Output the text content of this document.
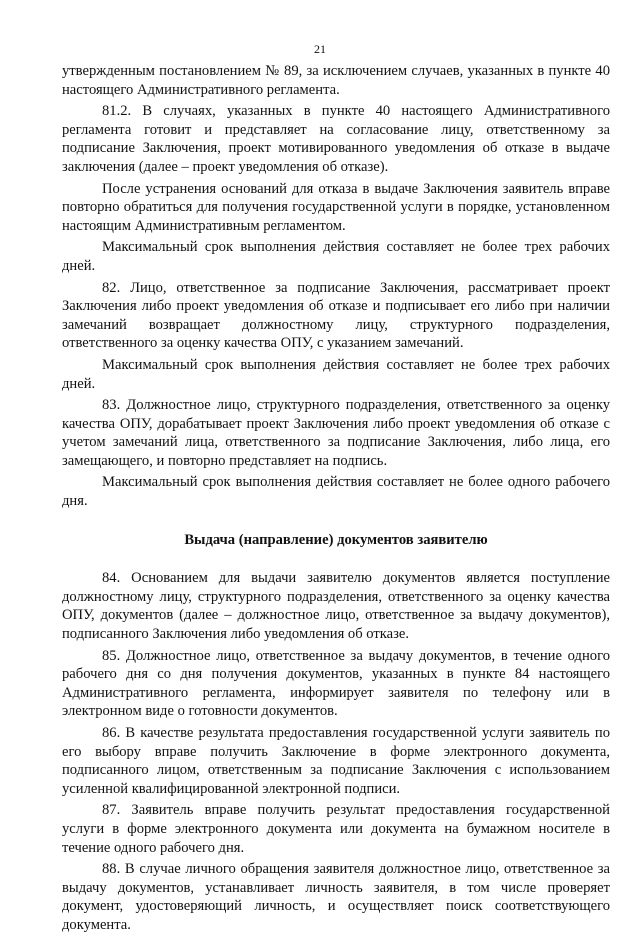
21

утвержденным постановлением № 89, за исключением случаев, указанных в пункте 40 настоящего Административного регламента.

81.2. В случаях, указанных в пункте 40 настоящего Административного регламента готовит и представляет на согласование лицу, ответственному за подписание Заключения, проект мотивированного уведомления об отказе в выдаче заключения (далее – проект уведомления об отказе).

После устранения оснований для отказа в выдаче Заключения заявитель вправе повторно обратиться для получения государственной услуги в порядке, установленном настоящим Административным регламентом.

Максимальный срок выполнения действия составляет не более трех рабочих дней.

82. Лицо, ответственное за подписание Заключения, рассматривает проект Заключения либо проект уведомления об отказе и подписывает его либо при наличии замечаний возвращает должностному лицу, структурного подразделения, ответственного за оценку качества ОПУ, с указанием замечаний.

Максимальный срок выполнения действия составляет не более трех рабочих дней.

83. Должностное лицо, структурного подразделения, ответственного за оценку качества ОПУ, дорабатывает проект Заключения либо проект уведомления об отказе с учетом замечаний лица, ответственного за подписание Заключения, либо лица, его замещающего, и повторно представляет на подпись.

Максимальный срок выполнения действия составляет не более одного рабочего дня.

Выдача (направление) документов заявителю

84. Основанием для выдачи заявителю документов является поступление должностному лицу, структурного подразделения, ответственного за оценку качества ОПУ, документов (далее – должностное лицо, ответственное за выдачу документов), подписанного Заключения либо уведомления об отказе.

85. Должностное лицо, ответственное за выдачу документов, в течение одного рабочего дня со дня получения документов, указанных в пункте 84 настоящего Административного регламента, информирует заявителя по телефону или в электронном виде о готовности документов.

86. В качестве результата предоставления государственной услуги заявитель по его выбору вправе получить Заключение в форме электронного документа, подписанного лицом, ответственным за подписание Заключения с использованием усиленной квалифицированной электронной подписи.

87. Заявитель вправе получить результат предоставления государственной услуги в форме электронного документа или документа на бумажном носителе в течение одного рабочего дня.

88. В случае личного обращения заявителя должностное лицо, ответственное за выдачу документов, устанавливает личность заявителя, в том числе проверяет документ, удостоверяющий личность, и осуществляет поиск соответствующего документа.
